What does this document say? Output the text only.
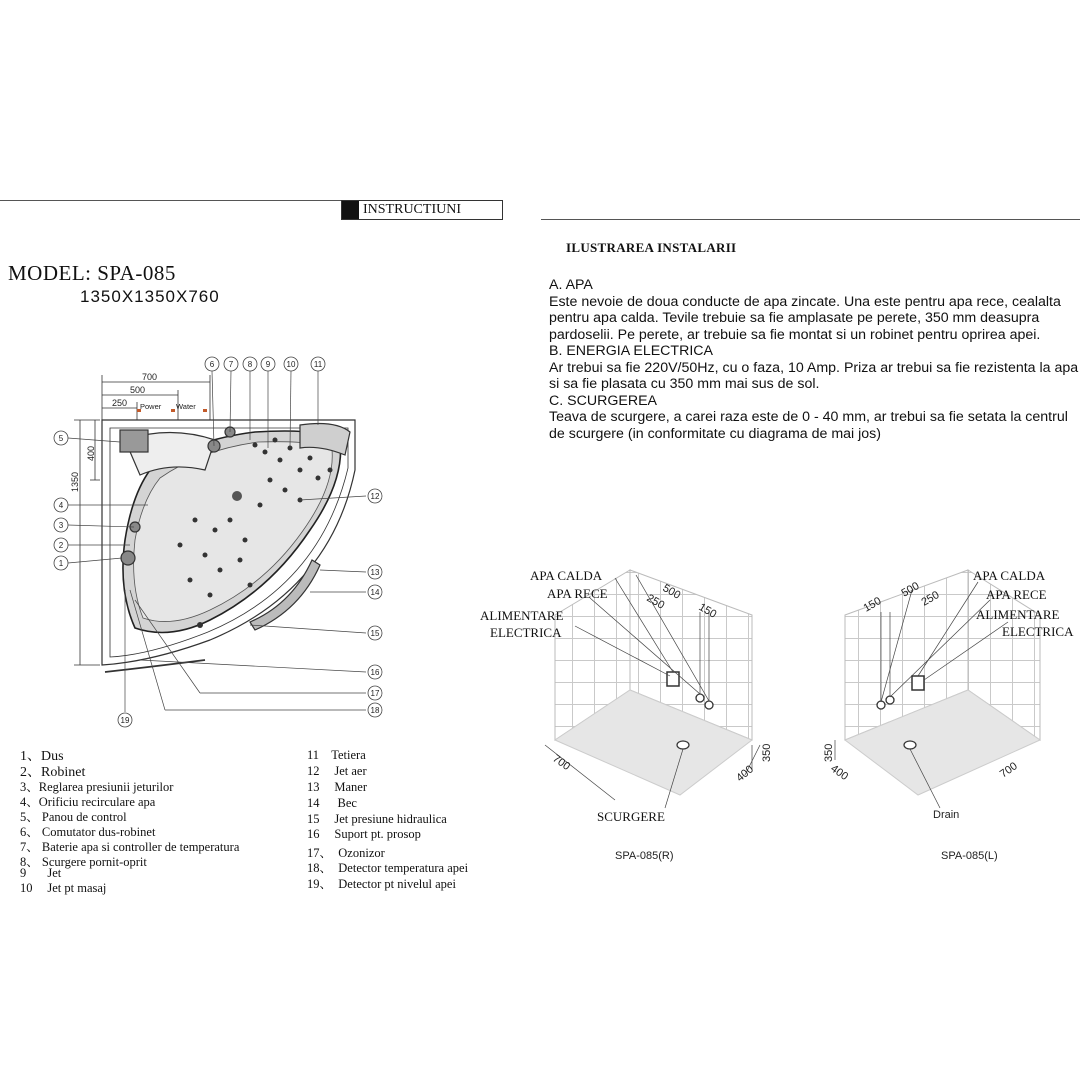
INSTRUCTIUNI
MODEL: SPA-085
1350X1350X760
1
2
3
4
5
6 7 8 9 10 11
12
13
14
15
16
17
18
19
700
500
250 Power Water
400
1350
APA CALDA
APA RECE
ALIMENTARE
ELECTRICA
SCURGERE
500
250	150
700
400
350
SPA-085(R)
APA CALDA
APA RECE
ALIMENTARE
ELECTRICA
500
250
150
700
400
350
Drain
SPA-085(L)
1、Dus
2、Robinet
3、Reglarea presiunii jeturilor
4、Orificiu recirculare apa
5、 Panou de control
6、 Comutator dus-robinet
7、 Baterie apa si controller de temperatura
8、 Scurgere pornit-oprit
9 Jet
10 Jet pt masaj
11 Tetiera
12 Jet aer
13 Maner
14 Bec
15 Jet presiune hidraulica
16 Suport pt. prosop
17、 Ozonizor
18、 Detector temperatura apei
19、 Detector pt nivelul apei
ILUSTRAREA INSTALARII

A. APA

Este nevoie de doua conducte de apa zincate. Una este pentru apa rece, cealalta pentru apa calda. Tevile trebuie sa fie amplasate pe perete, 350 mm deasupra pardoselii. Pe perete, ar trebuie sa fie montat si un robinet pentru oprirea apei.

B. ENERGIA ELECTRICA

Ar trebui sa fie 220V/50Hz, cu o faza, 10 Amp. Priza ar trebui sa fie rezistenta la apa si sa fie plasata cu 350 mm mai sus de sol.

C. SCURGEREA

Teava de scurgere, a carei raza este de 0 - 40 mm, ar trebui sa fie setata la centrul de scurgere (in conformitate cu diagrama de mai jos)
